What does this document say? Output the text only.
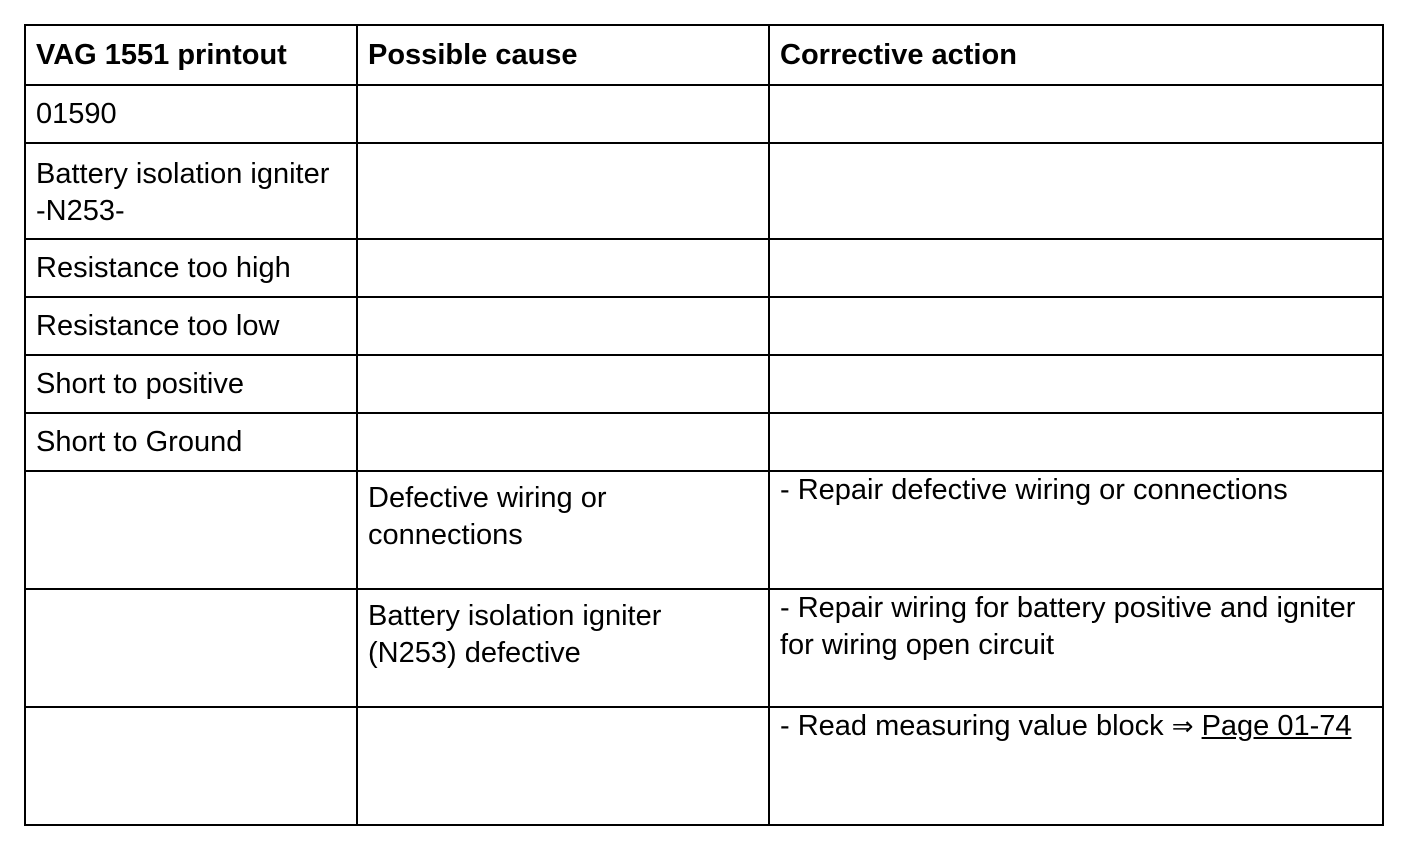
VAG 1551 printout	Possible cause	Corrective action
01590		
Battery isolation igniter -N253-		
Resistance too high		
Resistance too low		
Short to positive		
Short to Ground		
	Defective wiring or connections	- Repair defective wiring or connections
	Battery isolation igniter (N253) defective	- Repair wiring for battery positive and igniter for wiring open circuit
		- Read measuring value block ⇒ Page 01-74
